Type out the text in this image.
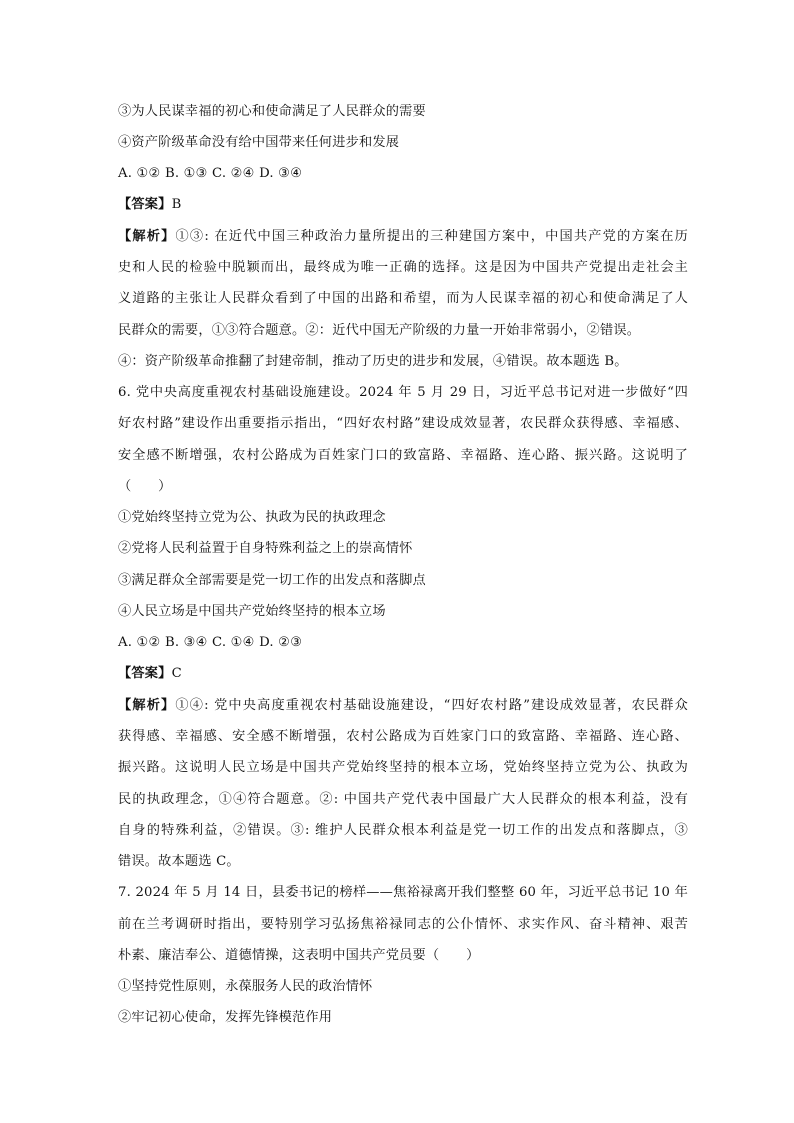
③为人民谋幸福的初心和使命满足了人民群众的需要
④资产阶级革命没有给中国带来任何进步和发展
A. ①② B. ①③ C. ②④ D. ③④
【答案】B
【解析】①③: 在近代中国三种政治力量所提出的三种建国方案中，中国共产党的方案在历
史和人民的检验中脱颖而出，最终成为唯一正确的选择。这是因为中国共产党提出走社会主
义道路的主张让人民群众看到了中国的出路和希望，而为人民谋幸福的初心和使命满足了人
民群众的需要，①③符合题意。②：近代中国无产阶级的力量一开始非常弱小，②错误。
④：资产阶级革命推翻了封建帝制，推动了历史的进步和发展，④错误。故本题选 B。
6. 党中央高度重视农村基础设施建设。2024 年 5 月 29 日，习近平总书记对进一步做好“四
好农村路”建设作出重要指示指出，“四好农村路”建设成效显著，农民群众获得感、幸福感、
安全感不断增强，农村公路成为百姓家门口的致富路、幸福路、连心路、振兴路。这说明了
（　　）
①党始终坚持立党为公、执政为民的执政理念
②党将人民利益置于自身特殊利益之上的崇高情怀
③满足群众全部需要是党一切工作的出发点和落脚点
④人民立场是中国共产党始终坚持的根本立场
A. ①② B. ③④ C. ①④ D. ②③
【答案】C
【解析】①④: 党中央高度重视农村基础设施建设，“四好农村路”建设成效显著，农民群众
获得感、幸福感、安全感不断增强，农村公路成为百姓家门口的致富路、幸福路、连心路、
振兴路。这说明人民立场是中国共产党始终坚持的根本立场，党始终坚持立党为公、执政为
民的执政理念，①④符合题意。②: 中国共产党代表中国最广大人民群众的根本利益，没有
自身的特殊利益，②错误。③: 维护人民群众根本利益是党一切工作的出发点和落脚点，③
错误。故本题选 C。
7. 2024 年 5 月 14 日，县委书记的榜样——焦裕禄离开我们整整 60 年，习近平总书记 10 年
前在兰考调研时指出，要特别学习弘扬焦裕禄同志的公仆情怀、求实作风、奋斗精神、艰苦
朴素、廉洁奉公、道德情操，这表明中国共产党员要（　　）
①坚持党性原则，永葆服务人民的政治情怀
②牢记初心使命，发挥先锋模范作用
